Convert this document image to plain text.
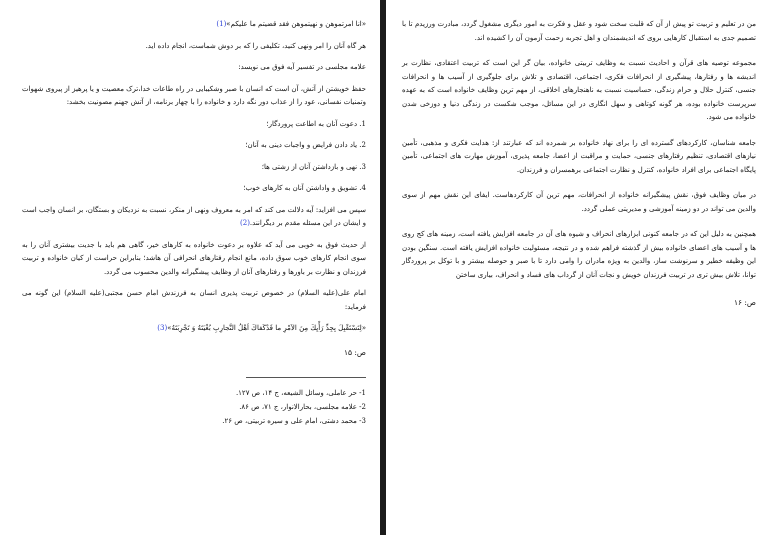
«انا امرتموهن و نهيتموهن فقد قضيتم ما عليكم»(1)

هر گاه آنان را امر ونهی کنید، تکلیفی را که بر دوش شماست، انجام داده اید.

علامه مجلسی در تفسیر آیه فوق می نویسد:

حفظ خویشتن از آتش، آن است که انسان با صبر وشکیبایی در راه طاعات خدا،ترک معصیت و یا پرهیز از پیروی شهوات وتمنیات نفسانی، عود را از عذاب دور نگه دارد و خانواده را با چهار برنامه، از آتش جهنم مصونیت بخشد:

1. دعوت آنان به اطاعت پروردگار؛

2. یاد دادن فرایض و واجبات دینی به آنان؛

3. نهی و بازداشتن آنان از زشتی ها؛

4. تشویق و واداشتن آنان به کارهای خوب؛

سپس می افزاید: آیه دلالت می کند که امر به معروف ونهی از منکر، نسبت به نزدیکان و بستگان، بر انسان واجب است و ایشان در این مسئله مقدم بر دیگرانند.(2)

از حدیث فوق به خوبی می آید که علاوه بر دعوت خانواده به کارهای خیر، گاهی هم باید با جدیت بیشتری آنان را به سوی انجام کارهای خوب سوق داده، مانع انجام رفتارهای انحرافی آن هاشد؛ بنابراین حراست از کیان خانواده و تربیت فرزندان و نظارت بر باورها و رفتارهای آنان از وظایف پیشگیرانه والدین محسوب می گردد.

امام علی(علیه السلام) در خصوص تربیت پذیری انسان به فرزندش امام حسن مجتبی(علیه السلام) این گونه می فرماید:

«لِتَسْتَقْبِلَ بِجِدِّ رَأْيِكَ مِنَ الاَمْرِ ما قَدْكَفاكَ اَهْلُ التَّجارِبِ بُغْيَتَهُ وَ تَجْرِبَتَهُ»(3)

ص: ۱۵

1- حر عاملی، وسائل الشیعه، ج ۱۴، ص ۱۲۷.

2- علامه مجلسی، بحارالانوار، ج ۷۱، ص ۸۶.

3- محمد دشتی، امام علی و سیره تربیتی، ص ۲۶.

من در تعلیم و تربیت تو پیش از آن که قلبت سخت شود و عقل و فکرت به امور دیگری مشغول گردد، مبادرت ورزیدم تا با تصمیم جدی به استقبال کارهایی بروی که اندیشمندان و اهل تجربه زحمت آزمون آن را کشیده اند.

مجموعه توصیه های قرآن و احادیث نسبت به وظایف تربیتی خانواده، بیان گر این است که تربیت اعتقادی، نظارت بر اندیشه ها و رفتارها، پیشگیری از انحرافات فکری، اجتماعی، اقتصادی و تلاش برای جلوگیری از آسیب ها و انحرافات جنسی، کنترل حلال و حرام زندگی، حساسیت نسبت به ناهنجارهای اخلاقی، از مهم ترین وظایف خانواده است که به عهده سرپرست خانواده بوده، هر گونه کوتاهی و سهل انگاری در این مسائل، موجب شکست در زندگی دنیا و دوزخی شدن خانواده می شود.

جامعه شناسان، کارکردهای گسترده ای را برای نهاد خانواده بر شمرده اند که عبارتند از: هدایت فکری و مذهبی، تأمین نیازهای اقتصادی، تنظیم رفتارهای جنسی، حمایت و مراقبت از اعضا، جامعه پذیری، آموزش مهارت های اجتماعی، تأمین پایگاه اجتماعی برای افراد خانواده، کنترل و نظارت اجتماعی برهمسران و فرزندان.

در میان وظایف فوق، نقش پیشگیرانه خانواده از انحرافات، مهم ترین آن کارکردهاست. ایفای این نقش مهم از سوی والدین می تواند در دو زمینه آموزشی و مدیریتی عملی گردد.

همچنین به دلیل این که در جامعه کنونی ابزارهای انحراف و شیوه های آن در جامعه افزایش یافته است، زمینه های کج روی ها و آسیب های اعضای خانواده بیش از گذشته فراهم شده و در نتیجه، مسئولیت خانواده افزایش یافته است. سنگین بودن این وظیفه خطیر و سرنوشت ساز، والدین به ویژه مادران را وامی دارد تا با صبر و حوصله بیشتر و با توکل بر پروردگار توانا، تلاش بیش تری در تربیت فرزندان خویش و نجات آنان از گرداب های فساد و انحراف، بیاری ساختن

ص: ۱۶
